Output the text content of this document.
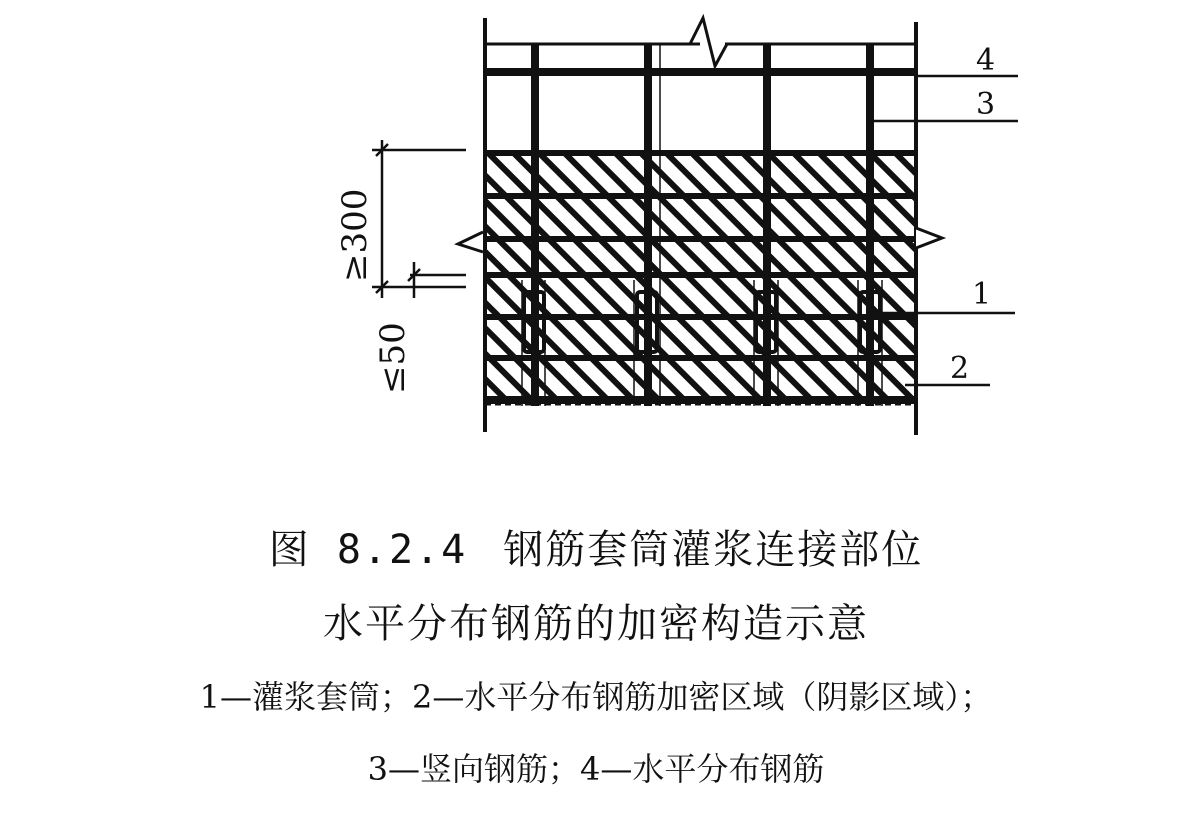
4
3
1
2
≥300
≤50
图 8.2.4 钢筋套筒灌浆连接部位
水平分布钢筋的加密构造示意
1—灌浆套筒；2—水平分布钢筋加密区域（阴影区域）；
3—竖向钢筋；4—水平分布钢筋
